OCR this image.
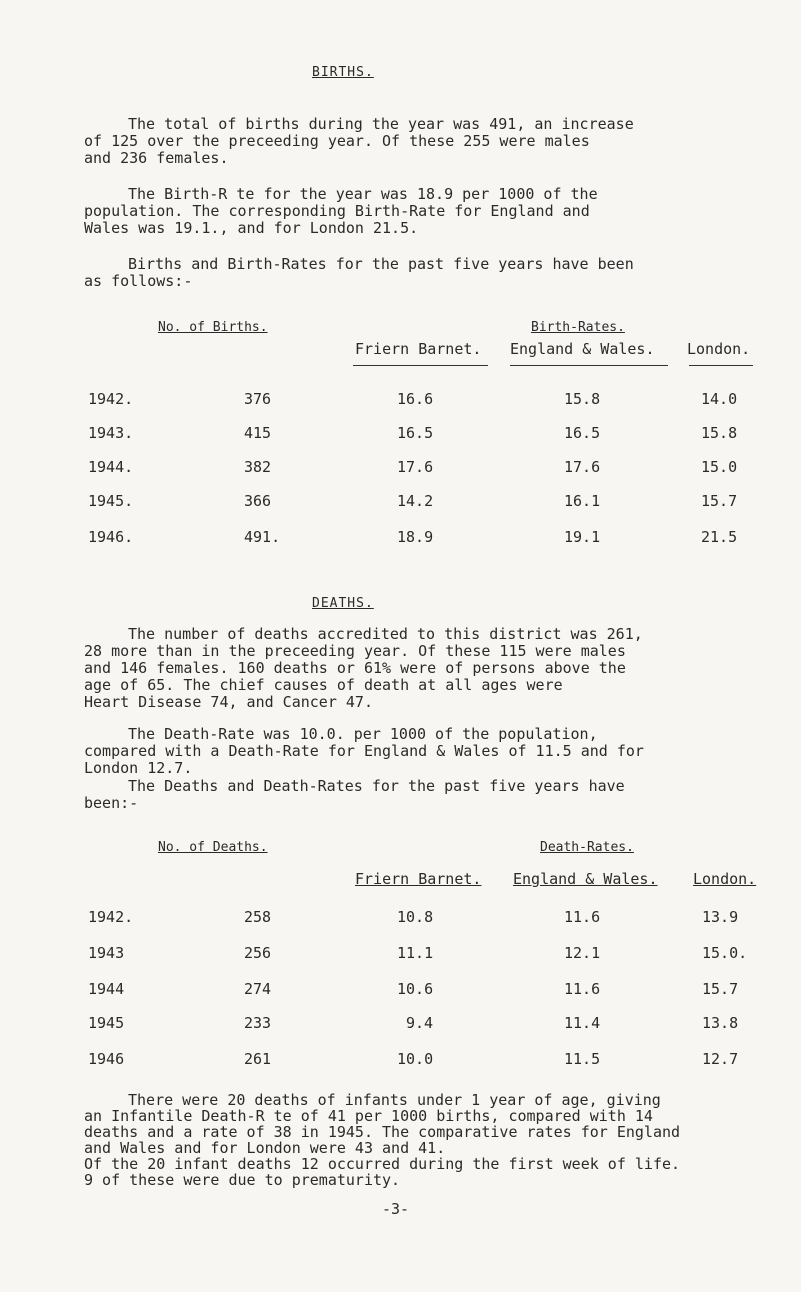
BIRTHS.
The total of births during the year was 491, an increase
of 125 over the preceeding year. Of these 255 were males
and 236 females.
The Birth-R te for the year was 18.9 per 1000 of the
population. The corresponding Birth-Rate for England and
Wales was 19.1., and for London 21.5.
Births and Birth-Rates for the past five years have been
as follows:-
No. of Births.	Birth-Rates.
Friern Barnet. England & Wales. London.
1942.	376	16.6	15.8	14.0
1943.	415	16.5	16.5	15.8
1944.	382	17.6	17.6	15.0
1945.	366	14.2	16.1	15.7
1946.	491.	18.9	19.1	21.5
DEATHS.
The number of deaths accredited to this district was 261,
28 more than in the preceeding year. Of these 115 were males
and 146 females. 160 deaths or 61% were of persons above the
age of 65. The chief causes of death at all ages were
Heart Disease 74, and Cancer 47.
The Death-Rate was 10.0. per 1000 of the population,
compared with a Death-Rate for England & Wales of 11.5 and for
London 12.7.
The Deaths and Death-Rates for the past five years have
been:-
No. of Deaths.	Death-Rates.
Friern Barnet. England & Wales. London.
1942.	258	10.8	11.6	13.9
1943	256	11.1	12.1	15.0.
1944	274	10.6	11.6	15.7
1945	233	9.4	11.4	13.8
1946	261	10.0	11.5	12.7
There were 20 deaths of infants under 1 year of age, giving
an Infantile Death-R te of 41 per 1000 births, compared with 14
deaths and a rate of 38 in 1945. The comparative rates for England
and Wales and for London were 43 and 41.
Of the 20 infant deaths 12 occurred during the first week of life.
9 of these were due to prematurity.
-3-
